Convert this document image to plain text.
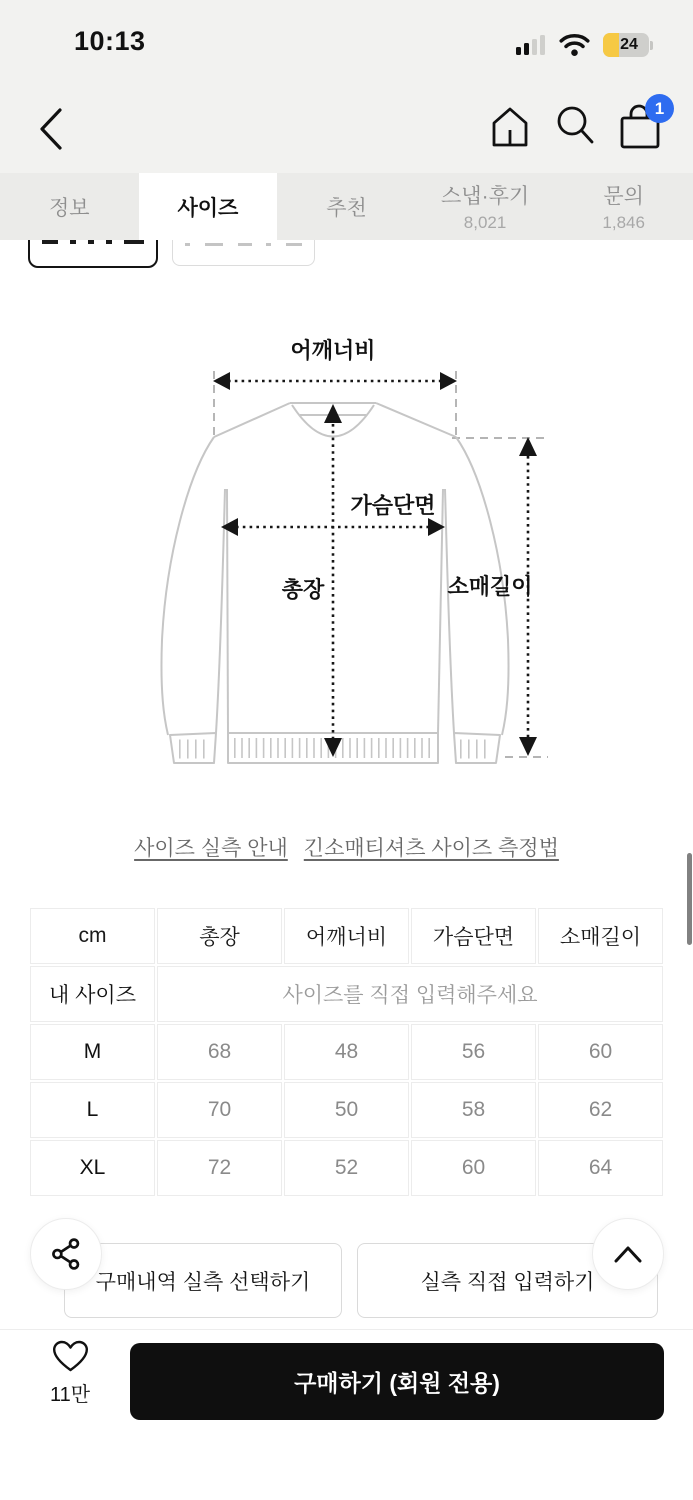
10:13	24
1
정보	사이즈	추천	스냅·후기
8,021
문의
1,846
어깨너비
가슴단면
총장	소매길이
사이즈 실측 안내 긴소매티셔츠 사이즈 측정법
cm	총장	어깨너비	가슴단면	소매길이
내 사이즈	사이즈를 직접 입력해주세요			
M	68	48	56	60
L	70	50	58	62
XL	72	52	60	64
구매내역 실측 선택하기	실측 직접 입력하기
11만	구매하기 (회원 전용)
